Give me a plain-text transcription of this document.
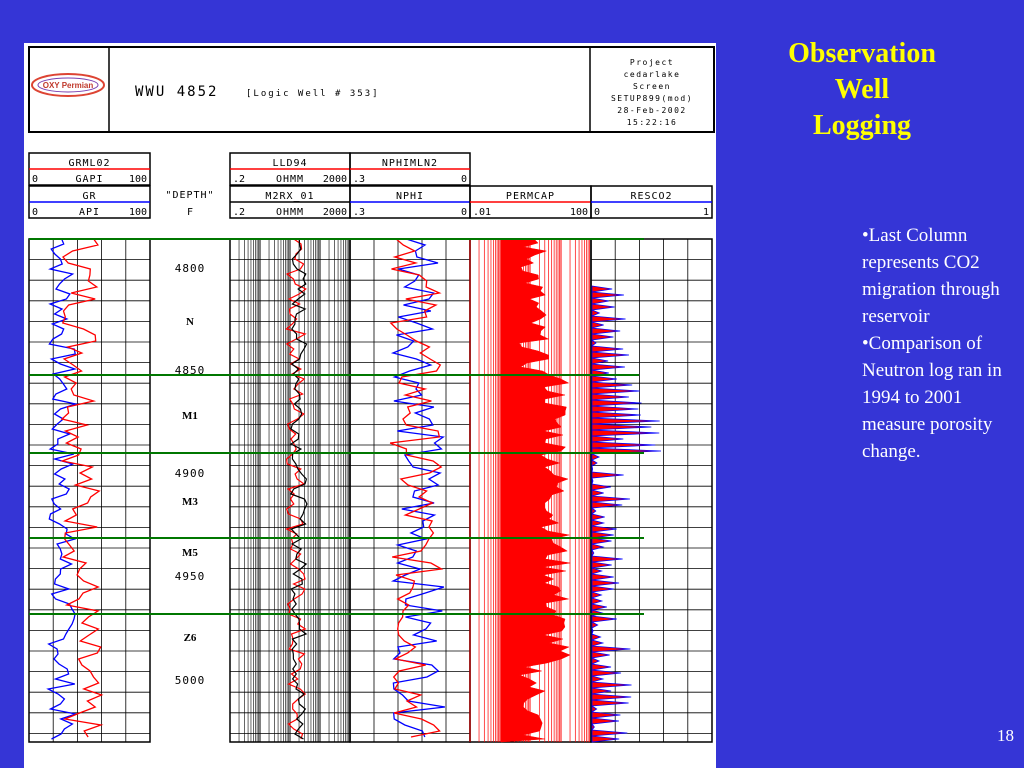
OXY Permian	WWU 4852	[Logic Well # 353]
Project
cedarlake
Screen
SETUP899(mod)
28-Feb-2002
15:22:16
GRML02
0	GAPI	100
GR
0	API	100
LLD94
.2	OHMM 2000
M2RX_01
.2	OHMM 2000
NPHIMLN2
.3	0
NPHI
.3	0
PERMCAP
.01	100
RESCO2
0	1
"DEPTH"
F
4800
4850
4900
4950
5000
N
M1
M3
M5
Z6
Observation
Well
Logging
•Last Column represents CO2 migration through reservoir
•Comparison of Neutron log ran in 1994 to 2001 measure porosity change.
18
